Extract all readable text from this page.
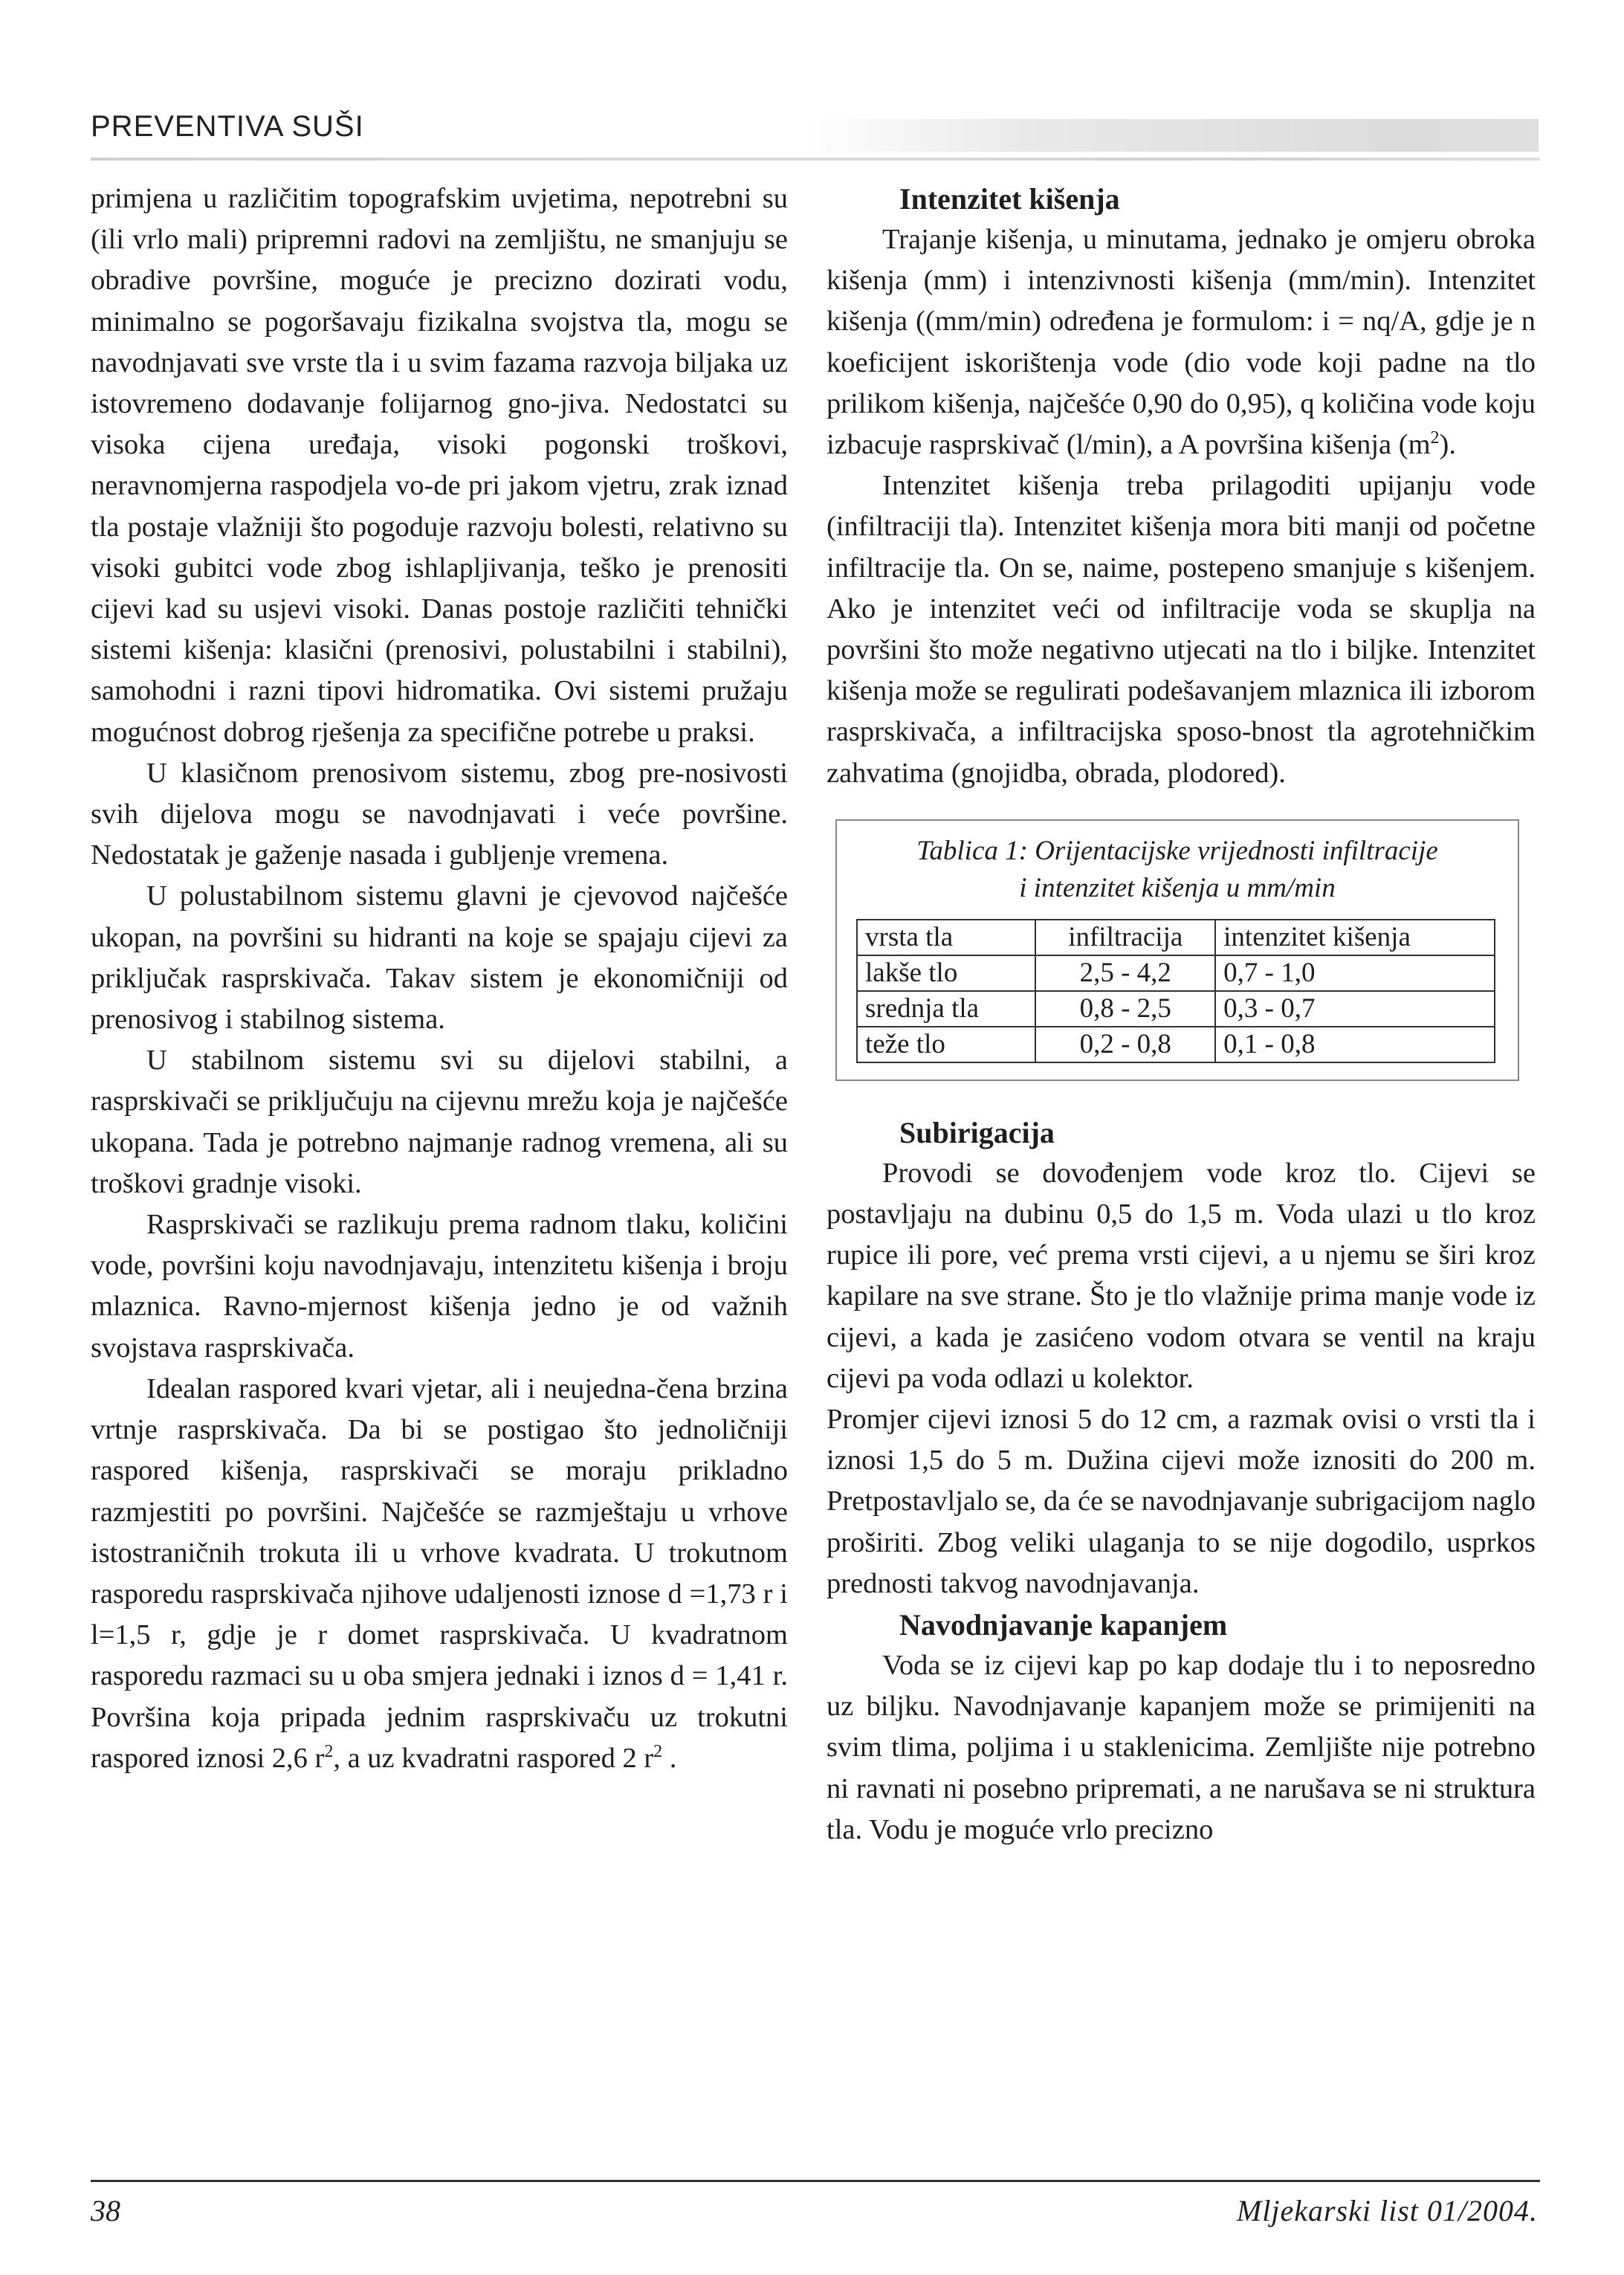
PREVENTIVA SUŠI

primjena u različitim topografskim uvjetima, nepotrebni su (ili vrlo mali) pripremni radovi na zemljištu, ne smanjuju se obradive površine, moguće je precizno dozirati vodu, minimalno se pogoršavaju fizikalna svojstva tla, mogu se navodnjavati sve vrste tla i u svim fazama razvoja biljaka uz istovremeno dodavanje folijarnog gno-jiva. Nedostatci su visoka cijena uređaja, visoki pogonski troškovi, neravnomjerna raspodjela vo-de pri jakom vjetru, zrak iznad tla postaje vlažniji što pogoduje razvoju bolesti, relativno su visoki gubitci vode zbog ishlapljivanja, teško je prenositi cijevi kad su usjevi visoki. Danas postoje različiti tehnički sistemi kišenja: klasični (prenosivi, polustabilni i stabilni), samohodni i razni tipovi hidromatika. Ovi sistemi pružaju mogućnost dobrog rješenja za specifične potrebe u praksi.

U klasičnom prenosivom sistemu, zbog pre-nosivosti svih dijelova mogu se navodnjavati i veće površine. Nedostatak je gaženje nasada i gubljenje vremena.

U polustabilnom sistemu glavni je cjevovod najčešće ukopan, na površini su hidranti na koje se spajaju cijevi za priključak rasprskivača. Takav sistem je ekonomičniji od prenosivog i stabilnog sistema.

U stabilnom sistemu svi su dijelovi stabilni, a rasprskivači se priključuju na cijevnu mrežu koja je najčešće ukopana. Tada je potrebno najmanje radnog vremena, ali su troškovi gradnje visoki.

Rasprskivači se razlikuju prema radnom tlaku, količini vode, površini koju navodnjavaju, intenzitetu kišenja i broju mlaznica. Ravno-mjernost kišenja jedno je od važnih svojstava rasprskivača.

Idealan raspored kvari vjetar, ali i neujedna-čena brzina vrtnje rasprskivača. Da bi se postigao što jednoličniji raspored kišenja, rasprskivači se moraju prikladno razmjestiti po površini. Najčešće se razmještaju u vrhove istostraničnih trokuta ili u vrhove kvadrata. U trokutnom rasporedu rasprskivača njihove udaljenosti iznose d =1,73 r i l=1,5 r, gdje je r domet rasprskivača. U kvadratnom rasporedu razmaci su u oba smjera jednaki i iznos d = 1,41 r. Površina koja pripada jednim rasprskivaču uz trokutni raspored iznosi 2,6 $r^2$, a uz kvadratni raspored 2 $r^2$ .

Intenzitet kišenja

Trajanje kišenja, u minutama, jednako je omjeru obroka kišenja (mm) i intenzivnosti kišenja (mm/min). Intenzitet kišenja ((mm/min) određena je formulom: i = nq/A, gdje je n koeficijent iskorištenja vode (dio vode koji padne na tlo prilikom kišenja, najčešće 0,90 do 0,95), q količina vode koju izbacuje rasprskivač (l/min), a A površina kišenja $(m^2)$.

Intenzitet kišenja treba prilagoditi upijanju vode (infiltraciji tla). Intenzitet kišenja mora biti manji od početne infiltracije tla. On se, naime, postepeno smanjuje s kišenjem. Ako je intenzitet veći od infiltracije voda se skuplja na površini što može negativno utjecati na tlo i biljke. Intenzitet kišenja može se regulirati podešavanjem mlaznica ili izborom rasprskivača, a infiltracijska sposo-bnost tla agrotehničkim zahvatima (gnojidba, obrada, plodored).

Tablica 1: Orijentacijske vrijednosti infiltracije
i intenzitet kišenja u mm/min
vrsta tla	infiltracija	intenzitet kišenja
lakše tlo	2,5 - 4,2	0,7 - 1,0
srednja tla	0,8 - 2,5	0,3 - 0,7
teže tlo	0,2 - 0,8	0,1 - 0,8
Subirigacija

Provodi se dovođenjem vode kroz tlo. Cijevi se postavljaju na dubinu 0,5 do 1,5 m. Voda ulazi u tlo kroz rupice ili pore, već prema vrsti cijevi, a u njemu se širi kroz kapilare na sve strane. Što je tlo vlažnije prima manje vode iz cijevi, a kada je zasićeno vodom otvara se ventil na kraju cijevi pa voda odlazi u kolektor.

Promjer cijevi iznosi 5 do 12 cm, a razmak ovisi o vrsti tla i iznosi 1,5 do 5 m. Dužina cijevi može iznositi do 200 m. Pretpostavljalo se, da će se navodnjavanje subrigacijom naglo proširiti. Zbog veliki ulaganja to se nije dogodilo, usprkos prednosti takvog navodnjavanja.

Navodnjavanje kapanjem

Voda se iz cijevi kap po kap dodaje tlu i to neposredno uz biljku. Navodnjavanje kapanjem može se primijeniti na svim tlima, poljima i u staklenicima. Zemljište nije potrebno ni ravnati ni posebno pripremati, a ne narušava se ni struktura tla. Vodu je moguće vrlo precizno

38	Mljekarski list 01/2004.
